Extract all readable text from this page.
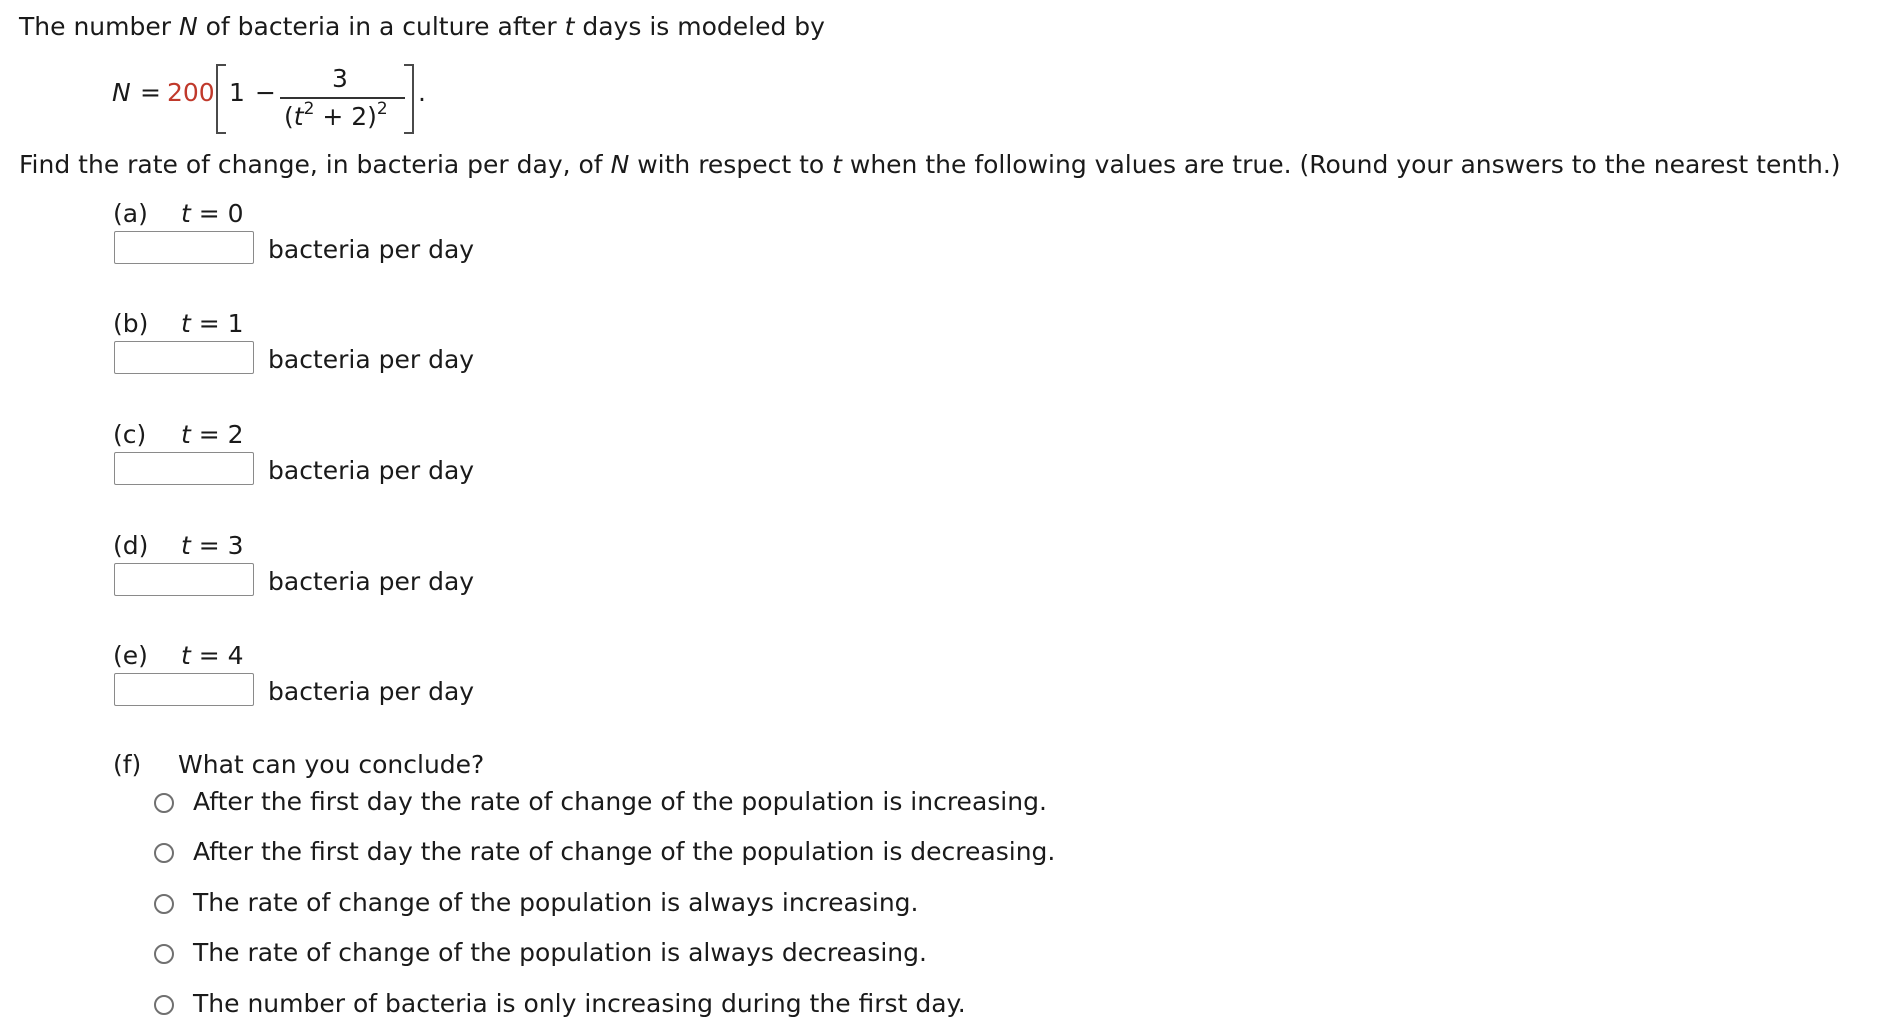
The number N of bacteria in a culture after t days is modeled by
N = 200 1 − 3
$(t^2 + 2)^2$
.
Find the rate of change, in bacteria per day, of N with respect to t when the following values are true. (Round your answers to the nearest tenth.)
(a) t = 0
bacteria per day
(b) t = 1
bacteria per day
(c) t = 2
bacteria per day
(d) t = 3
bacteria per day
(e) t = 4
bacteria per day
(f) What can you conclude?
After the first day the rate of change of the population is increasing.
After the first day the rate of change of the population is decreasing.
The rate of change of the population is always increasing.
The rate of change of the population is always decreasing.
The number of bacteria is only increasing during the first day.
